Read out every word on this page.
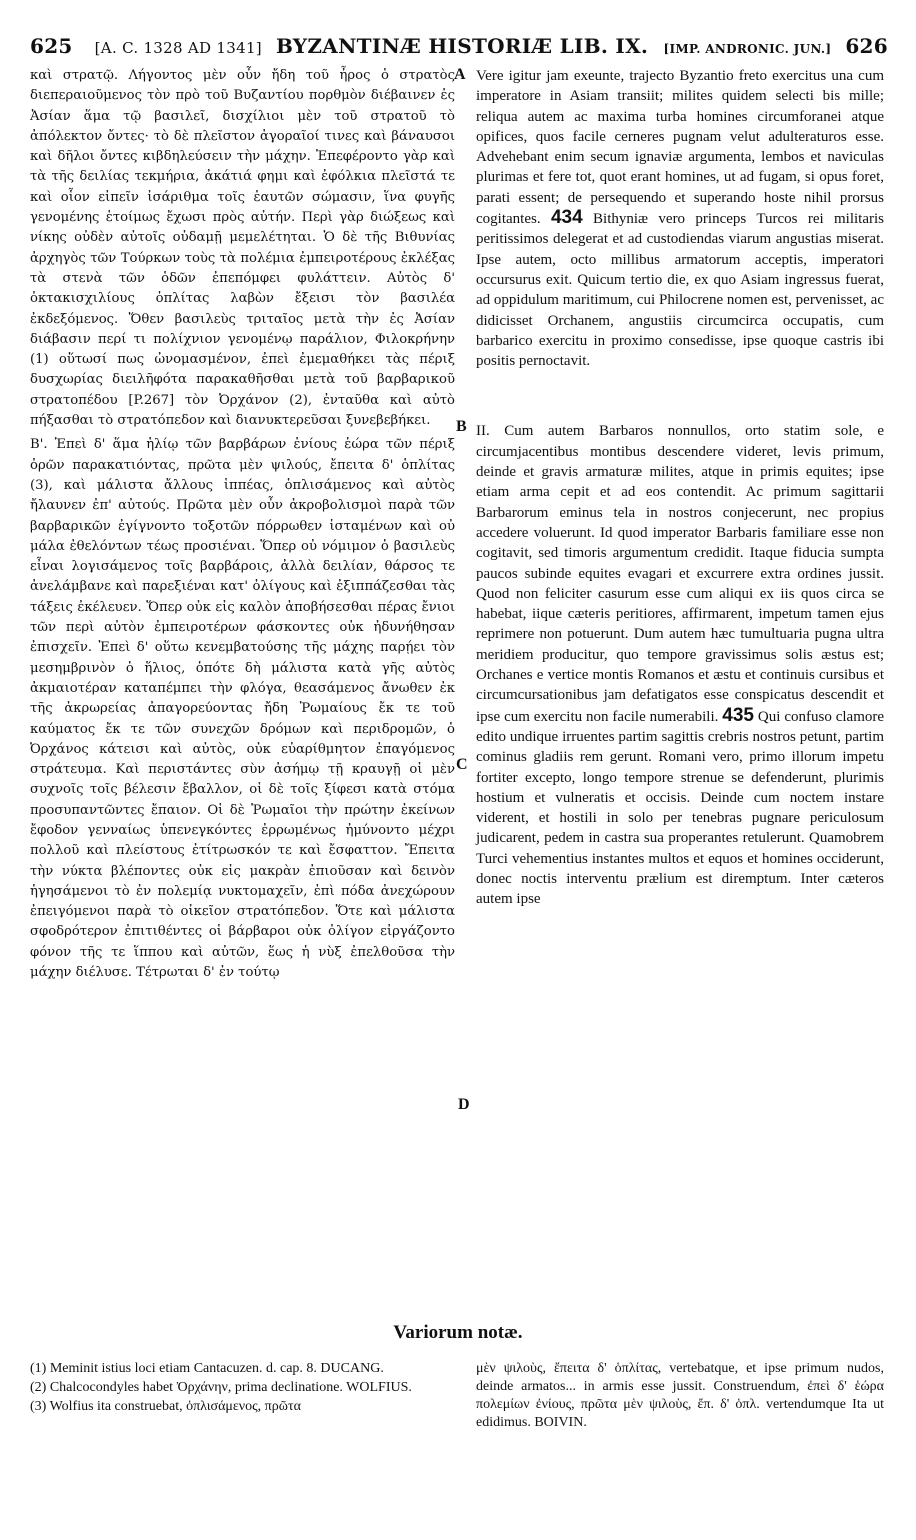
625 [A. C. 1328 AD 1341] BYZANTINÆ HISTORIÆ LIB. IX.	[IMP. ANDRONIC. JUN.] 626

καὶ στρατῷ. Λήγοντος μὲν οὖν ἤδη τοῦ ἦρος ὁ στρατὸς διεπεραιοῦμενος τὸν πρὸ τοῦ Βυζαντίου πορθμὸν διέβαινεν ἐς Ἀσίαν ἅμα τῷ βασιλεῖ, δισχίλιοι μὲν τοῦ στρατοῦ τὸ ἀπόλεκτον ὄντες· τὸ δὲ πλεῖστον ἀγοραῖοί τινες καὶ βάναυσοι καὶ δῆλοι ὄντες κιβδηλεύσειν τὴν μάχην. Ἐπεφέροντο γὰρ καὶ τὰ τῆς δειλίας τεκμήρια, ἀκάτιά φημι καὶ ἐφόλκια πλεῖστά τε καὶ οἷον εἰπεῖν ἰσάριθμα τοῖς ἑαυτῶν σώμασιν, ἵνα φυγῆς γενομένης ἑτοίμως ἔχωσι πρὸς αὐτήν. Περὶ γὰρ διώξεως καὶ νίκης οὐδὲν αὐτοῖς οὐδαμῇ μεμελέτηται. Ὁ δὲ τῆς Βιθυνίας ἀρχηγὸς τῶν Τούρκων τοὺς τὰ πολέμια ἐμπειροτέρους ἐκλέξας τὰ στενὰ τῶν ὁδῶν ἐπεπόμφει φυλάττειν. Αὐτὸς δ' ὀκτακισχιλίους ὁπλίτας λαβὼν ἔξεισι τὸν βασιλέα ἐκδεξόμενος. Ὅθεν βασιλεὺς τριταῖος μετὰ τὴν ἐς Ἀσίαν διάβασιν περί τι πολίχνιον γενομένῳ παράλιον, Φιλοκρήνην (1) οὕτωσί πως ὠνομασμένον, ἐπεὶ ἐμεμαθήκει τὰς πέριξ δυσχωρίας διειλῆφότα παρακαθῆσθαι μετὰ τοῦ βαρβαρικοῦ στρατοπέδου [P.267] τὸν Ὀρχάνον (2), ἐνταῦθα καὶ αὐτὸ πήξασθαι τὸ στρατόπεδον καὶ διανυκτερεῦσαι ξυνεβεβήκει.

Β'. Ἐπεὶ δ' ἅμα ἡλίῳ τῶν βαρβάρων ἐνίους ἑώρα τῶν πέριξ ὀρῶν παρακατιόντας, πρῶτα μὲν ψιλούς, ἔπειτα δ' ὁπλίτας (3), καὶ μάλιστα ἄλλους ἱππέας, ὁπλισάμενος καὶ αὐτὸς ἤλαυνεν ἐπ' αὐτούς. Πρῶτα μὲν οὖν ἀκροβολισμοὶ παρὰ τῶν βαρβαρικῶν ἐγίγνοντο τοξοτῶν πόρρωθεν ἱσταμένων καὶ οὐ μάλα ἐθελόντων τέως προσιέναι. Ὅπερ οὐ νόμιμον ὁ βασιλεὺς εἶναι λογισάμενος τοῖς βαρβάροις, ἀλλὰ δειλίαν, θάρσος τε ἀνελάμβανε καὶ παρεξιέναι κατ' ὀλίγους καὶ ἐξιππάζεσθαι τὰς τάξεις ἐκέλευεν. Ὅπερ οὐκ εἰς καλὸν ἀποβήσεσθαι πέρας ἔνιοι τῶν περὶ αὐτὸν ἐμπειροτέρων φάσκοντες οὐκ ἠδυνήθησαν ἐπισχεῖν. Ἐπεὶ δ' οὕτω κενεμβατούσης τῆς μάχης παρῄει τὸν μεσημβρινὸν ὁ ἥλιος, ὁπότε δὴ μάλιστα κατὰ γῆς αὐτὸς ἀκμαιοτέραν καταπέμπει τὴν φλόγα, θεασάμενος ἄνωθεν ἐκ τῆς ἀκρωρείας ἀπαγορεύοντας ἤδη Ῥωμαίους ἔκ τε τοῦ καύματος ἔκ τε τῶν συνεχῶν δρόμων καὶ περιδρομῶν, ὁ Ὀρχάνος κάτεισι καὶ αὐτὸς, οὐκ εὐαρίθμητον ἐπαγόμενος στράτευμα. Καὶ περιστάντες σὺν ἀσήμῳ τῇ κραυγῇ οἱ μὲν συχνοῖς τοῖς βέλεσιν ἔβαλλον, οἱ δὲ τοῖς ξίφεσι κατὰ στόμα προσυπαντῶντες ἔπαιον. Οἱ δὲ Ῥωμαῖοι τὴν πρώτην ἐκείνων ἔφοδον γενναίως ὑπενεγκόντες ἐρρωμένως ἠμύνοντο μέχρι πολλοῦ καὶ πλείστους ἐτίτρωσκόν τε καὶ ἔσφαττον. Ἔπειτα τὴν νύκτα βλέποντες οὐκ εἰς μακρὰν ἐπιοῦσαν καὶ δεινὸν ἡγησάμενοι τὸ ἐν πολεμίᾳ νυκτομαχεῖν, ἐπὶ πόδα ἀνεχώρουν ἐπειγόμενοι παρὰ τὸ οἰκεῖον στρατόπεδον. Ὅτε καὶ μάλιστα σφοδρότερον ἐπιτιθέντες οἱ βάρβαροι οὐκ ὀλίγον εἰργάζοντο φόνον τῆς τε ἵππου καὶ αὐτῶν, ἕως ἡ νὺξ ἐπελθοῦσα τὴν μάχην διέλυσε. Τέτρωται δ' ἐν τούτῳ

A
B
C
D

Vere igitur jam exeunte, trajecto Byzantio freto exercitus una cum imperatore in Asiam transiit; milites quidem selecti bis mille; reliqua autem ac maxima turba homines circumforanei atque opifices, quos facile cerneres pugnam velut adulteraturos esse. Advehebant enim secum ignaviæ argumenta, lembos et naviculas plurimas et fere tot, quot erant homines, ut ad fugam, si opus foret, parati essent; de persequendo et superando hoste nihil prorsus cogitantes. 434 Bithyniæ vero princeps Turcos rei militaris peritissimos delegerat et ad custodiendas viarum angustias miserat. Ipse autem, octo millibus armatorum acceptis, imperatori occursurus exit. Quicum tertio die, ex quo Asiam ingressus fuerat, ad oppidulum maritimum, cui Philocrene nomen est, pervenisset, ac didicisset Orchanem, angustiis circumcirca occupatis, cum barbarico exercitu in proximo consedisse, ipse quoque castris ibi positis pernoctavit.

II. Cum autem Barbaros nonnullos, orto statim sole, e circumjacentibus montibus descendere videret, levis primum, deinde et gravis armaturæ milites, atque in primis equites; ipse etiam arma cepit et ad eos contendit. Ac primum sagittarii Barbarorum eminus tela in nostros conjecerunt, nec propius accedere voluerunt. Id quod imperator Barbaris familiare esse non cogitavit, sed timoris argumentum credidit. Itaque fiducia sumpta paucos subinde equites evagari et excurrere extra ordines jussit. Quod non feliciter casurum esse cum aliqui ex iis quos circa se habebat, iique cæteris peritiores, affirmarent, impetum tamen ejus reprimere non potuerunt. Dum autem hæc tumultuaria pugna ultra meridiem producitur, quo tempore gravissimus solis æstus est; Orchanes e vertice montis Romanos et æstu et continuis cursibus et circumcursationibus jam defatigatos esse conspicatus descendit et ipse cum exercitu non facile numerabili. 435 Qui confuso clamore edito undique irruentes partim sagittis crebris nostros petunt, partim cominus gladiis rem gerunt. Romani vero, primo illorum impetu fortiter excepto, longo tempore strenue se defenderunt, plurimis hostium et vulneratis et occisis. Deinde cum noctem instare viderent, et hostili in solo per tenebras pugnare periculosum judicarent, pedem in castra sua properantes retulerunt. Quamobrem Turci vehementius instantes multos et equos et homines occiderunt, donec noctis interventu prælium est diremptum. Inter cæteros autem ipse

Variorum notæ.

(1) Meminit istius loci etiam Cantacuzen. d. cap. 8. DUCANG.

(2) Chalcocondyles habet Ὀρχάνην, prima declinatione. WOLFIUS.

(3) Wolfius ita construebat, ὁπλισάμενος, πρῶτα

μὲν ψιλοὺς, ἔπειτα δ' ὁπλίτας, vertebatque, et ipse primum nudos, deinde armatos... in armis esse jussit. Construendum, ἐπεὶ δ' ἑώρα πολεμίων ἐνίους, πρῶτα μὲν ψιλοὺς, ἔπ. δ' ὁπλ. vertendumque Ita ut edidimus. BOIVIN.
